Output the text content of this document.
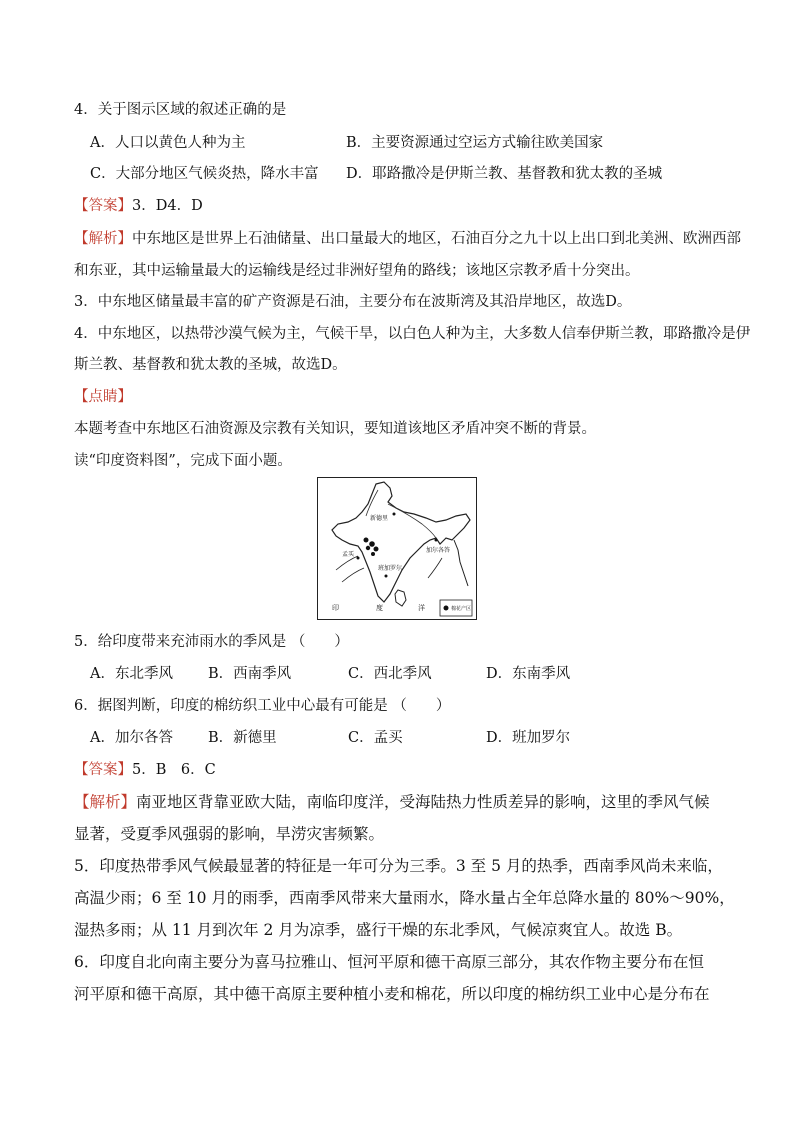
4．关于图示区域的叙述正确的是
A．人口以黄色人种为主	B．主要资源通过空运方式输往欧美国家
C．大部分地区气候炎热，降水丰富 D．耶路撒冷是伊斯兰教、基督教和犹太教的圣城
【答案】3．D4．D
【解析】中东地区是世界上石油储量、出口量最大的地区，石油百分之九十以上出口到北美洲、欧洲西部
和东亚，其中运输量最大的运输线是经过非洲好望角的路线；该地区宗教矛盾十分突出。
3．中东地区储量最丰富的矿产资源是石油，主要分布在波斯湾及其沿岸地区，故选D。
4．中东地区，以热带沙漠气候为主，气候干旱，以白色人种为主，大多数人信奉伊斯兰教，耶路撒冷是伊
斯兰教、基督教和犹太教的圣城，故选D。
【点睛】
本题考查中东地区石油资源及宗教有关知识，要知道该地区矛盾冲突不断的背景。
读“印度资料图”，完成下面小题。
新德里
孟买
加尔各答
班加罗尔
印	度	洋	棉花产区
5．给印度带来充沛雨水的季风是 （　　）
A．东北季风 B．西南季风	C．西北季风	D．东南季风
6．据图判断，印度的棉纺织工业中心最有可能是 （　　）
A．加尔各答 B．新德里	C．孟买	D．班加罗尔
【答案】5．B　6．C
【解析】南亚地区背靠亚欧大陆，南临印度洋，受海陆热力性质差异的影响，这里的季风气候
显著，受夏季风强弱的影响，旱涝灾害频繁。
5．印度热带季风气候最显著的特征是一年可分为三季。3 至 5 月的热季，西南季风尚未来临，
高温少雨；6 至 10 月的雨季，西南季风带来大量雨水，降水量占全年总降水量的 80%～90%，
湿热多雨；从 11 月到次年 2 月为凉季，盛行干燥的东北季风，气候凉爽宜人。故选 B。
6．印度自北向南主要分为喜马拉雅山、恒河平原和德干高原三部分，其农作物主要分布在恒
河平原和德干高原，其中德干高原主要种植小麦和棉花，所以印度的棉纺织工业中心是分布在
